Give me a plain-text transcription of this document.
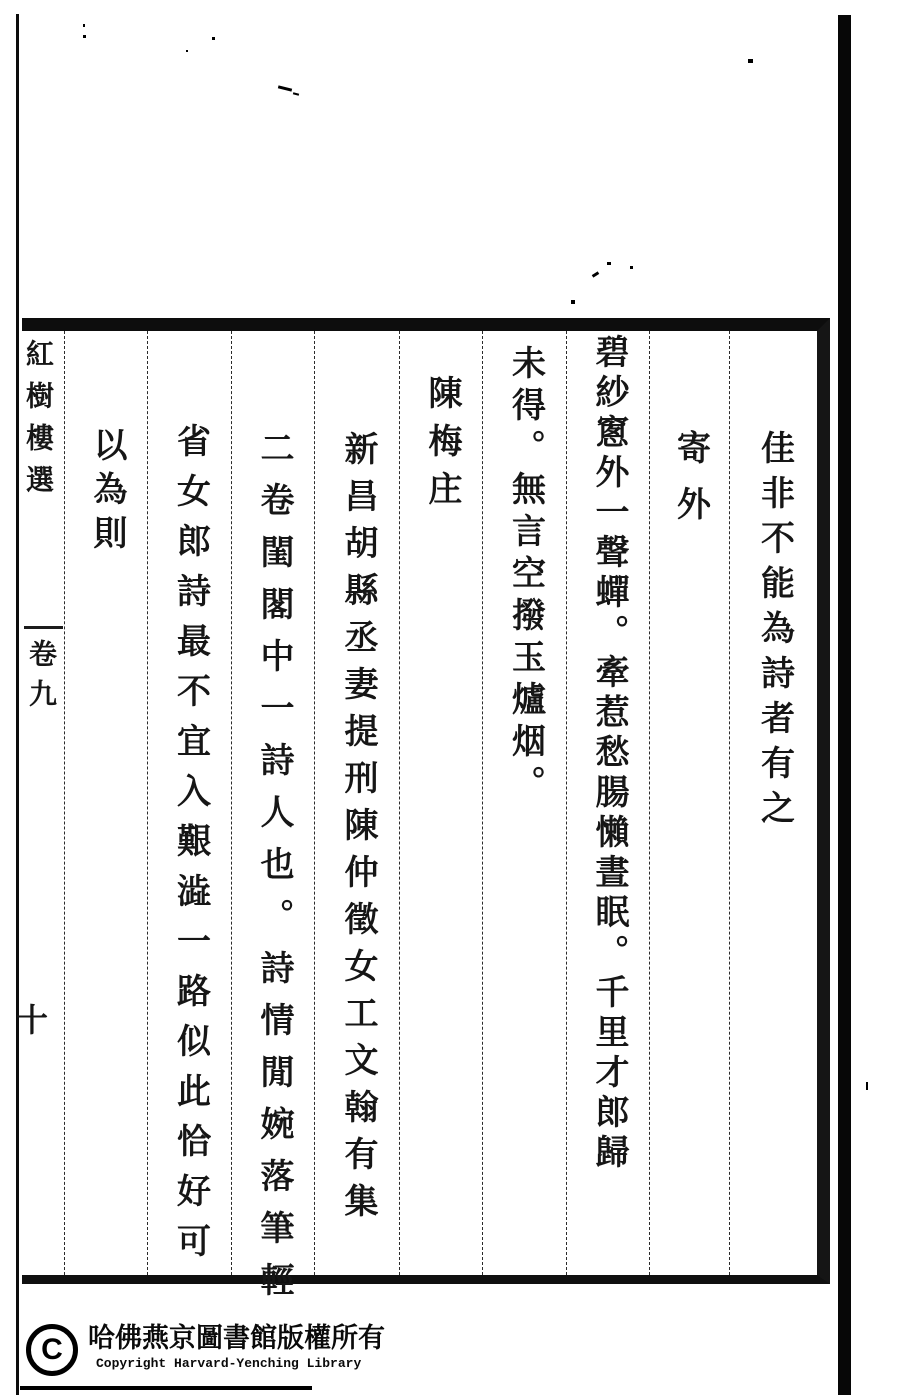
紅樹樓選
卷九
十
以為則 省女郎詩最不宜入艱澁一路似此恰好可 二卷閨閣中一詩人也。詩情閒婉落筆輕 新昌胡縣丞妻提刑陳仲徵女工文翰有集 陳梅庄 未得。無言空撥玉爐烟。 碧紗窻外一聲蟬。牽惹愁腸懶晝眠。千里才郎歸 寄外 佳非不能為詩者有之
C 哈佛燕京圖書館版權所有
Copyright Harvard-Yenching Library
